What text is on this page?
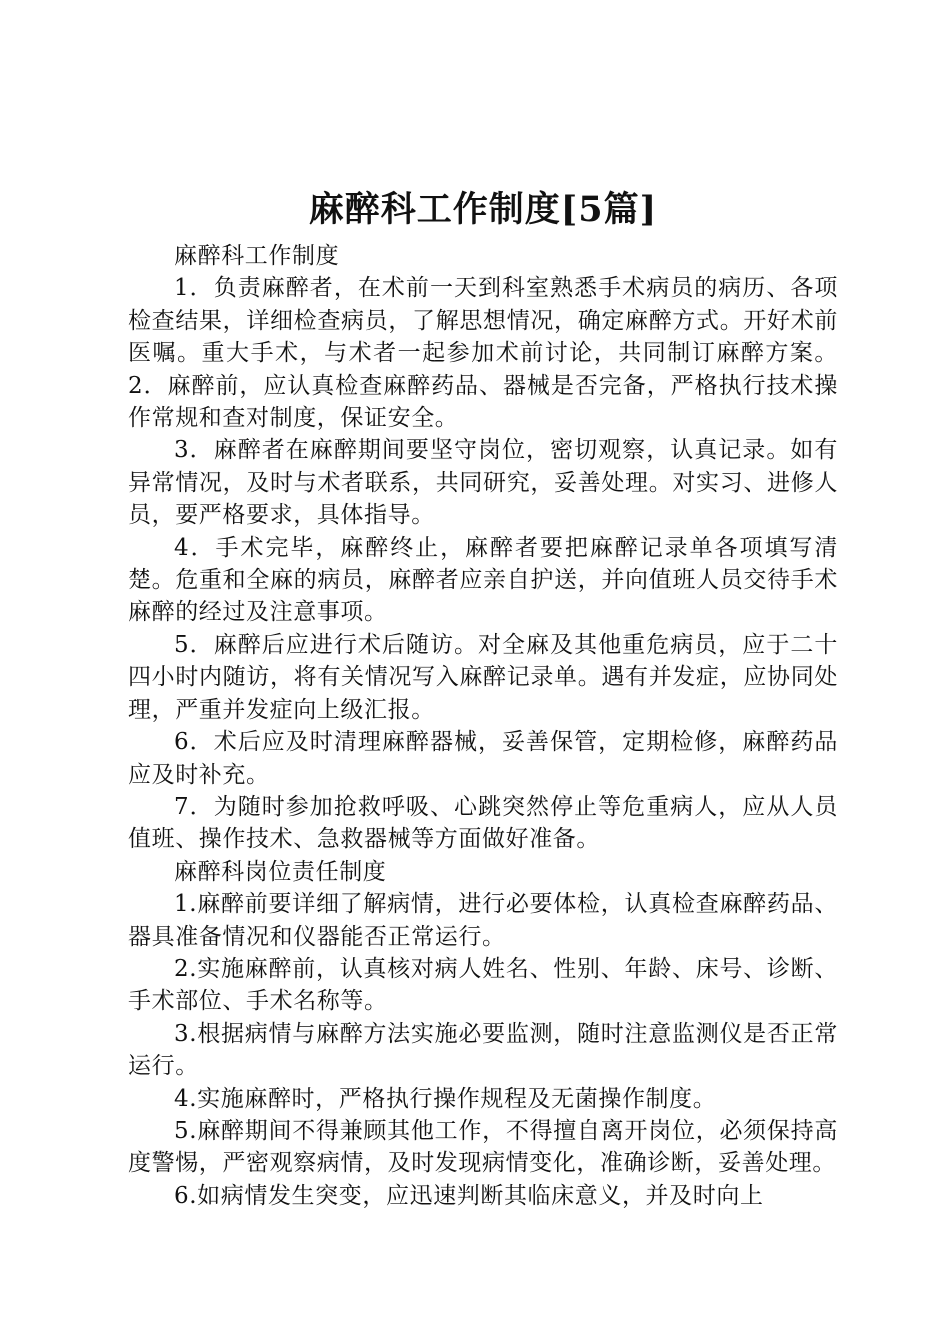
麻醉科工作制度[5篇]

麻醉科工作制度

1．负责麻醉者，在术前一天到科室熟悉手术病员的病历、各项检查结果，详细检查病员，了解思想情况，确定麻醉方式。开好术前医嘱。重大手术，与术者一起参加术前讨论，共同制订麻醉方案。2．麻醉前，应认真检查麻醉药品、器械是否完备，严格执行技术操作常规和查对制度，保证安全。

3．麻醉者在麻醉期间要坚守岗位，密切观察，认真记录。如有异常情况，及时与术者联系，共同研究，妥善处理。对实习、进修人员，要严格要求，具体指导。

4．手术完毕，麻醉终止，麻醉者要把麻醉记录单各项填写清楚。危重和全麻的病员，麻醉者应亲自护送，并向值班人员交待手术麻醉的经过及注意事项。

5．麻醉后应进行术后随访。对全麻及其他重危病员，应于二十四小时内随访，将有关情况写入麻醉记录单。遇有并发症，应协同处理，严重并发症向上级汇报。

6．术后应及时清理麻醉器械，妥善保管，定期检修，麻醉药品应及时补充。

7．为随时参加抢救呼吸、心跳突然停止等危重病人，应从人员值班、操作技术、急救器械等方面做好准备。

麻醉科岗位责任制度

1.麻醉前要详细了解病情，进行必要体检，认真检查麻醉药品、器具准备情况和仪器能否正常运行。

2.实施麻醉前，认真核对病人姓名、性别、年龄、床号、诊断、手术部位、手术名称等。

3.根据病情与麻醉方法实施必要监测，随时注意监测仪是否正常运行。

4.实施麻醉时，严格执行操作规程及无菌操作制度。

5.麻醉期间不得兼顾其他工作，不得擅自离开岗位，必须保持高度警惕，严密观察病情，及时发现病情变化，准确诊断，妥善处理。

6.如病情发生突变，应迅速判断其临床意义，并及时向上
